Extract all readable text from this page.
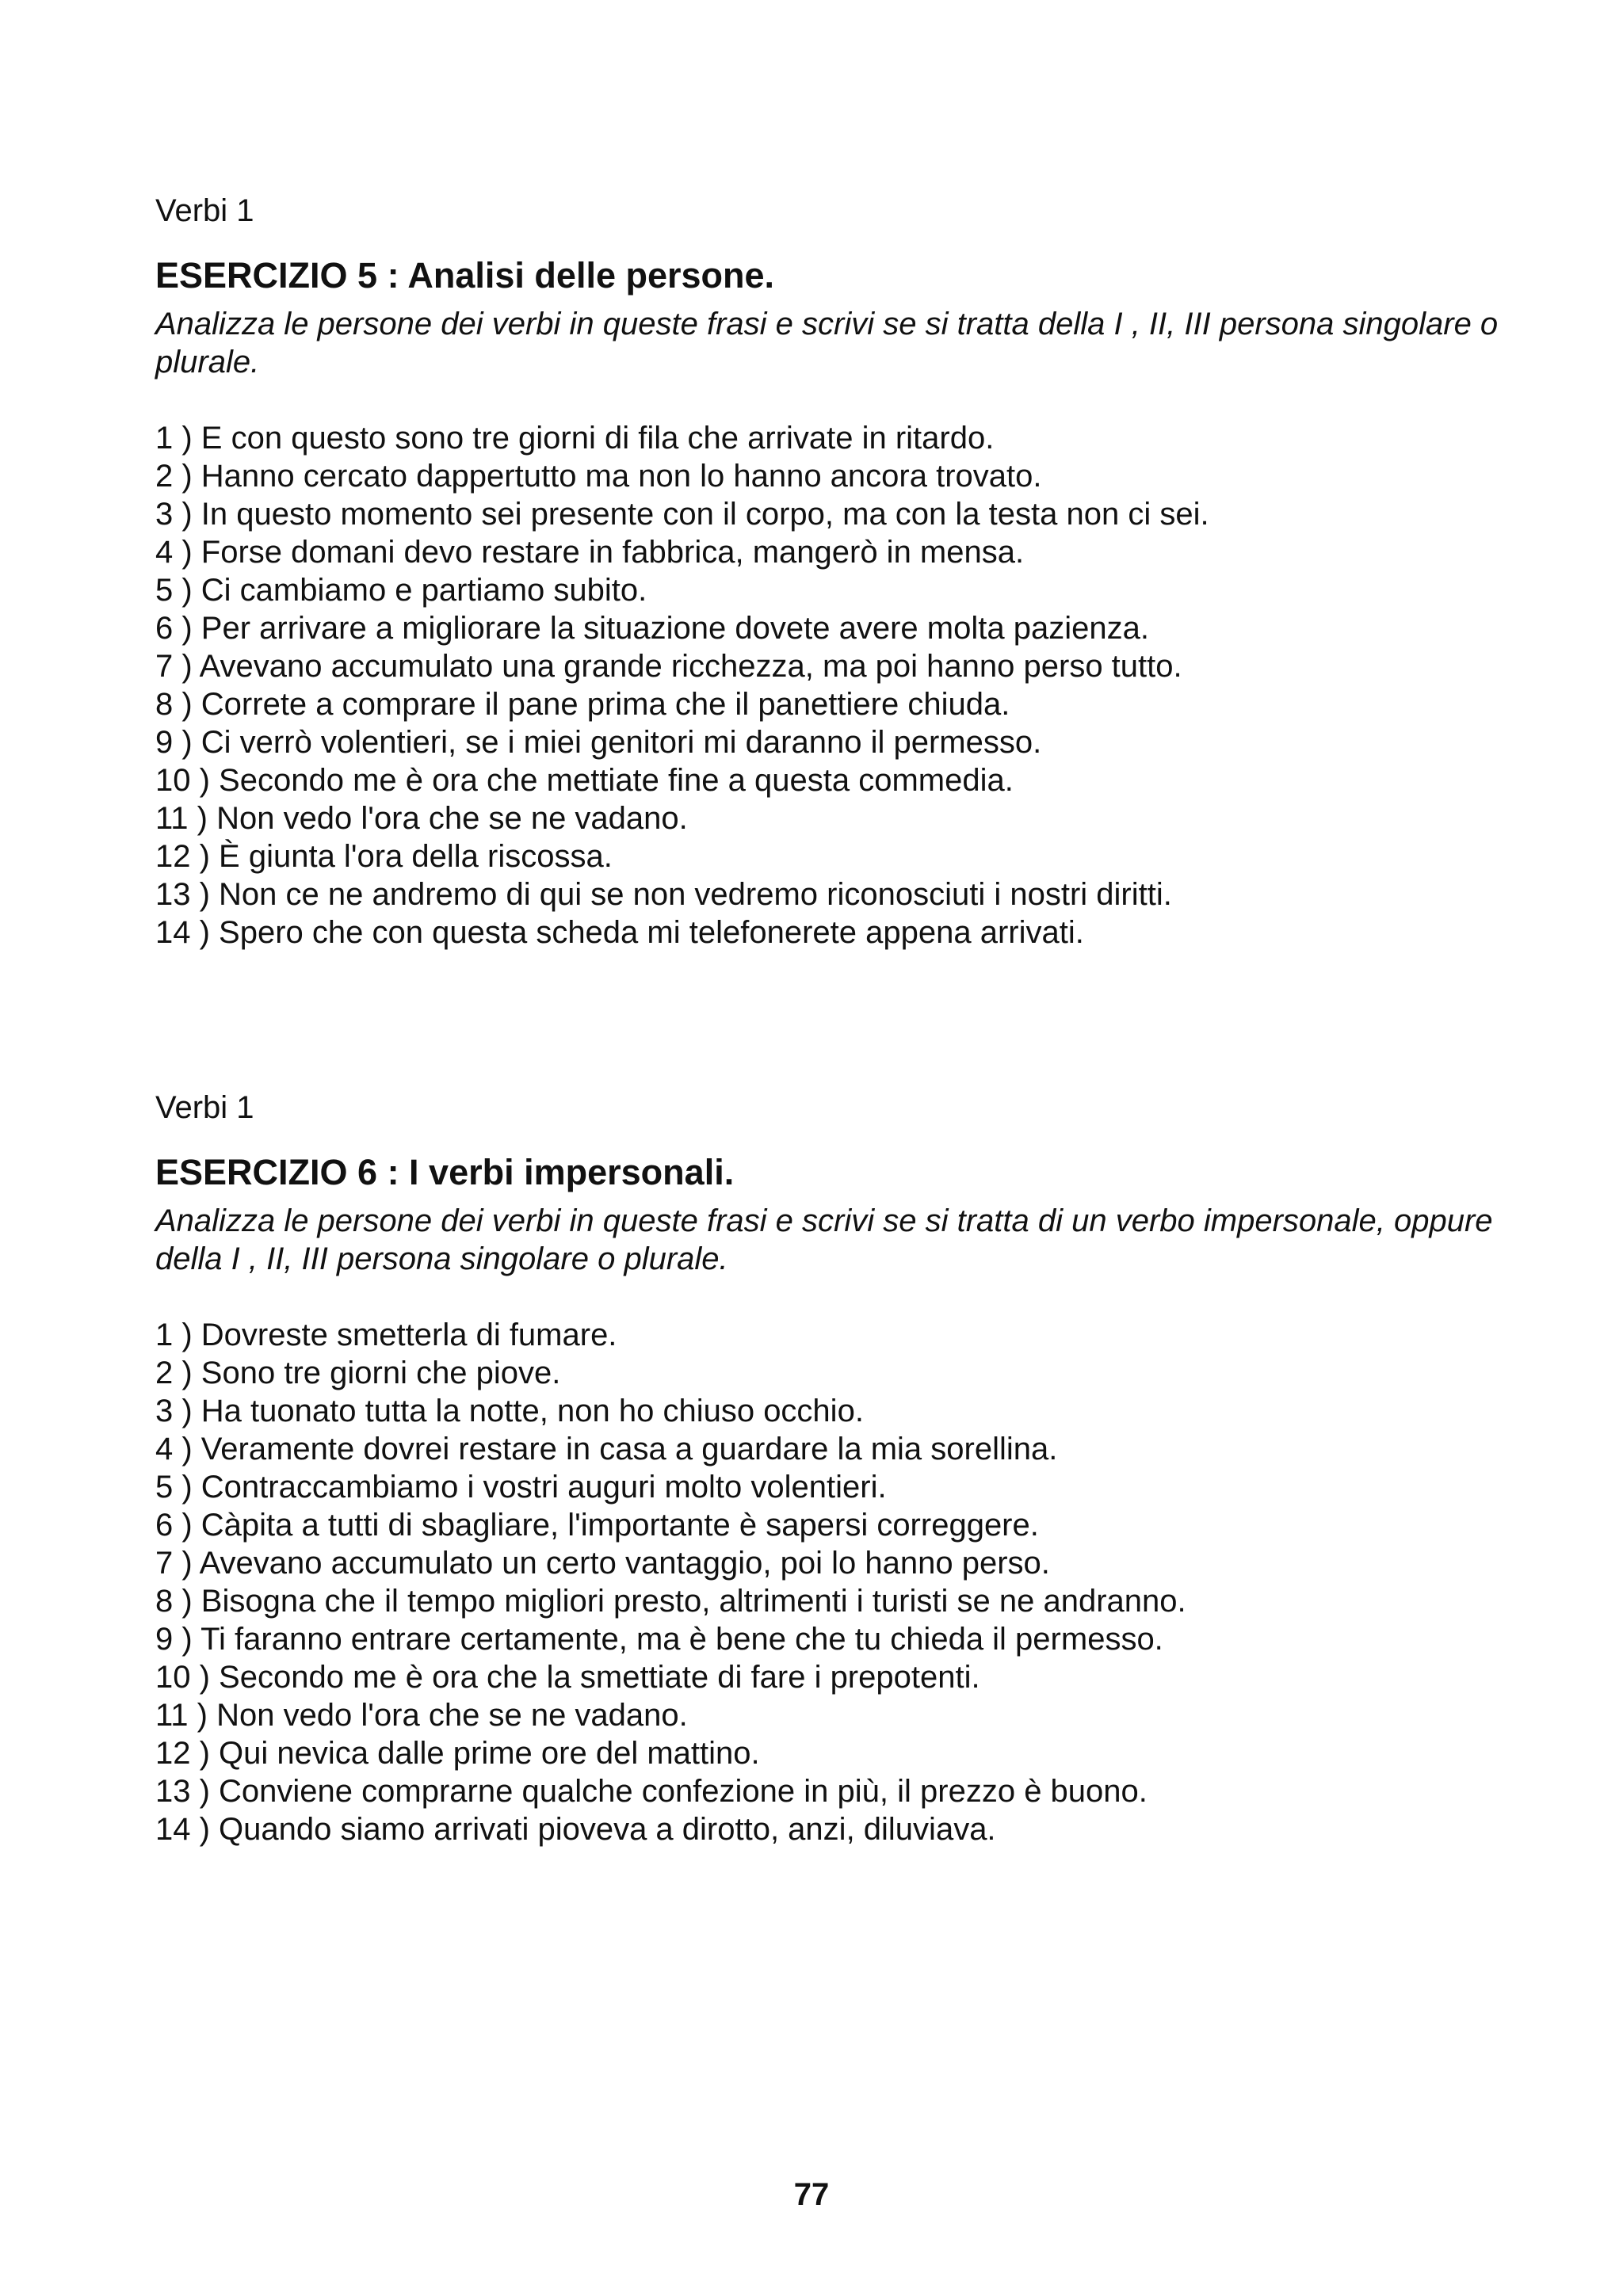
Verbi 1

ESERCIZIO 5 : Analisi delle persone.

Analizza le persone dei verbi in queste frasi e scrivi se si tratta della I , II, III persona singolare o plurale.

1 ) E con questo sono tre giorni di fila che arrivate in ritardo.
2 ) Hanno cercato dappertutto ma non lo hanno ancora trovato.
3 ) In questo momento sei presente con il corpo, ma con la testa non ci sei.
4 ) Forse domani devo restare in fabbrica, mangerò in mensa.
5 ) Ci cambiamo e partiamo subito.
6 ) Per arrivare a migliorare la situazione dovete avere molta pazienza.
7 ) Avevano accumulato una grande ricchezza, ma poi hanno perso tutto.
8 ) Correte a comprare il pane prima che il panettiere chiuda.
9 ) Ci verrò volentieri, se i miei genitori mi daranno il permesso.
10 ) Secondo me è ora che mettiate fine a questa commedia.
11 ) Non vedo l'ora che se ne vadano.
12 ) È giunta l'ora della riscossa.
13 ) Non ce ne andremo di qui se non vedremo riconosciuti i nostri diritti.
14 ) Spero che con questa scheda mi telefonerete appena arrivati.

Verbi 1

ESERCIZIO 6 : I verbi impersonali.

Analizza le persone dei verbi in queste frasi e scrivi se si tratta di un verbo impersonale, oppure della I , II, III persona singolare o plurale.

1 ) Dovreste smetterla di fumare.
2 ) Sono tre giorni che piove.
3 ) Ha tuonato tutta la notte, non ho chiuso occhio.
4 ) Veramente dovrei restare in casa a guardare la mia sorellina.
5 ) Contraccambiamo i vostri auguri molto volentieri.
6 ) Càpita a tutti di sbagliare, l'importante è sapersi correggere.
7 ) Avevano accumulato un certo vantaggio, poi lo hanno perso.
8 ) Bisogna che il tempo migliori presto, altrimenti i turisti se ne andranno.
9 ) Ti faranno entrare certamente, ma è bene che tu chieda il permesso.
10 ) Secondo me è ora che la smettiate di fare i prepotenti.
11 ) Non vedo l'ora che se ne vadano.
12 ) Qui nevica dalle prime ore del mattino.
13 ) Conviene comprarne qualche confezione in più, il prezzo è buono.
14 ) Quando siamo arrivati pioveva a dirotto, anzi, diluviava.
77
